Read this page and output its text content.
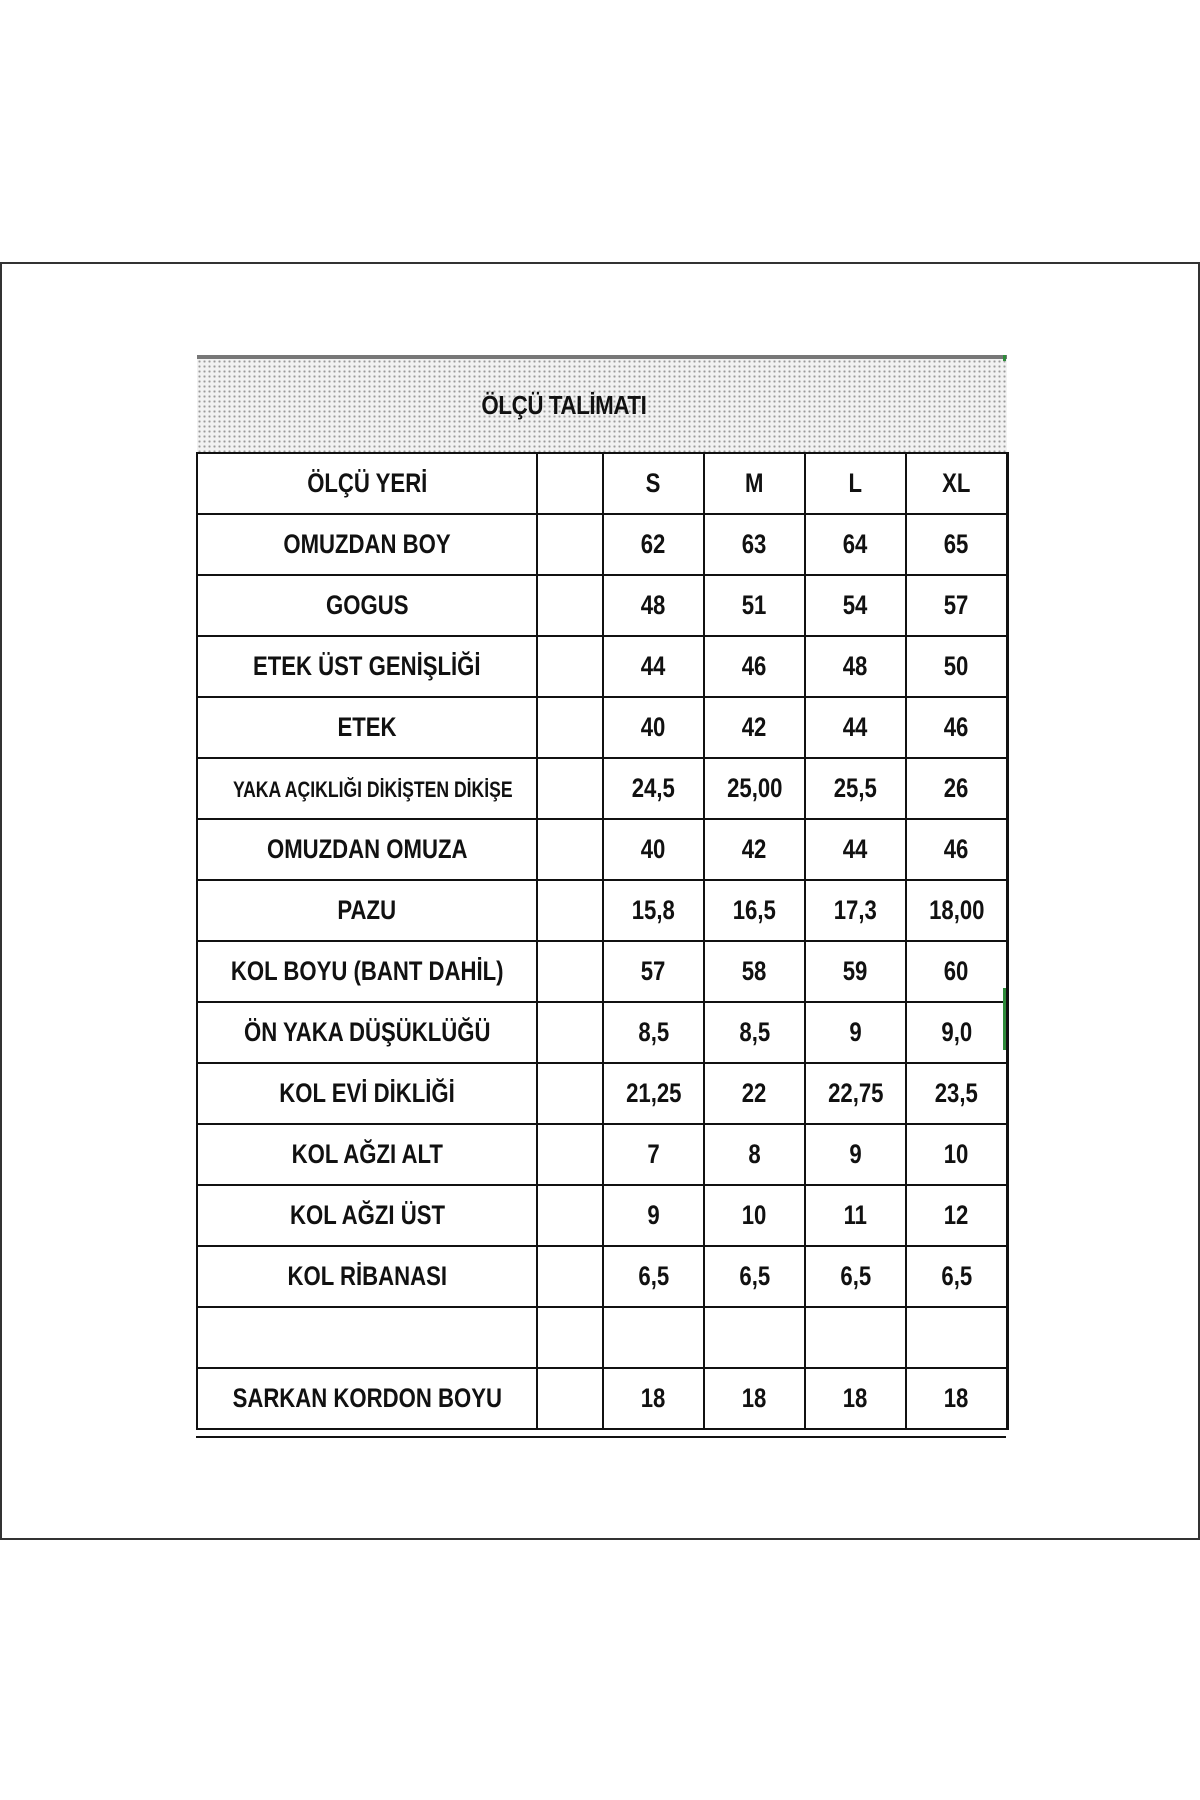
ÖLÇÜ TALİMATI						
ÖLÇÜ YERİ		S	M	L	XL	
OMUZDAN BOY		62	63	64	65	
GOGUS		48	51	54	57	
ETEK ÜST GENİŞLİĞİ		44	46	48	50	
ETEK		40	42	44	46	
YAKA AÇIKLIĞI DİKİŞTEN DİKİŞE		24,5	25,00	25,5	26	
OMUZDAN OMUZA		40	42	44	46	
PAZU		15,8	16,5	17,3	18,00	
KOL BOYU (BANT DAHİL)		57	58	59	60	
ÖN YAKA DÜŞÜKLÜĞÜ		8,5	8,5	9	9,0	
KOL EVİ DİKLİĞİ		21,25	22	22,75	23,5	
KOL AĞZI ALT		7	8	9	10	
KOL AĞZI ÜST		9	10	11	12	
KOL RİBANASI		6,5	6,5	6,5	6,5	

SARKAN KORDON BOYU		18	18	18	18	
